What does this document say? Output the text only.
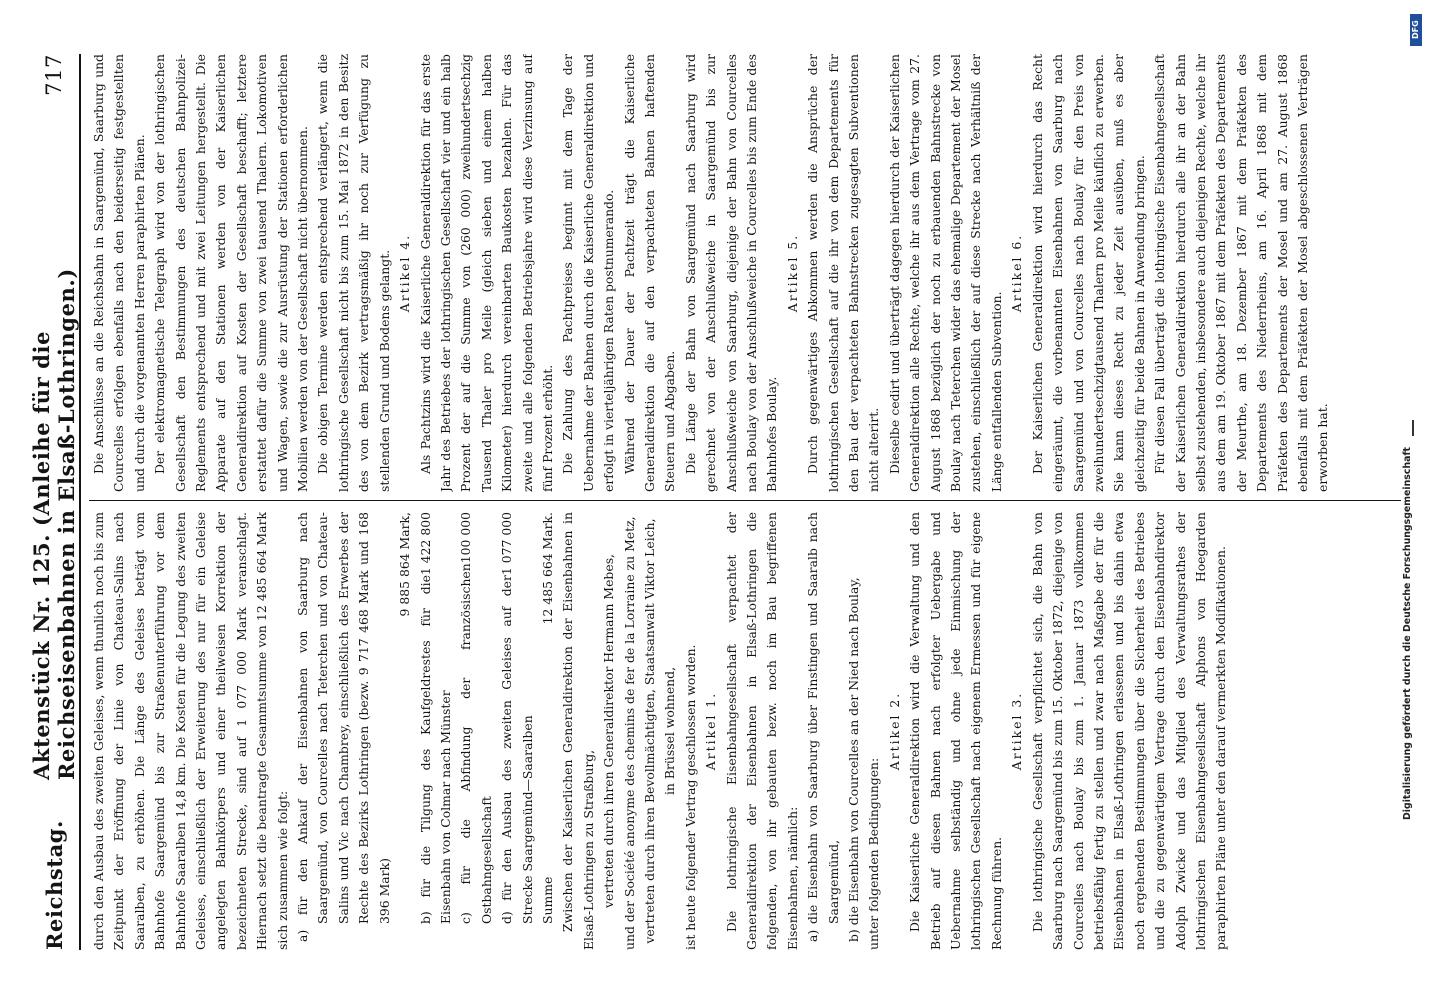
Reichstag.
Aktenstück Nr. 125. (Anleihe für die Reichseisenbahnen in Elsaß-Lothringen.)
717

durch den Ausbau des zweiten Geleises, wenn thunlich noch bis zum Zeitpunkt der Eröffnung der Linie von Chateau-Salins nach Saaralben, zu erhöhen. Die Länge des Geleises beträgt vom Bahnhofe Saargemünd bis zur Straßenunterführung vor dem Bahnhofe Saaralben 14,8 km. Die Kosten für die Legung des zweiten Geleises, einschließlich der Erweiterung des nur für ein Geleise angelegten Bahnkörpers und einer theilweisen Korrektion der bezeichneten Strecke, sind auf 1 077 000 Mark veranschlagt. Hiernach setzt die beantragte Gesammtsumme von 12 485 664 Mark sich zusammen wie folgt: a) für den Ankauf der Eisenbahnen von Saarburg nach Saargemünd, von Courcelles nach Teterchen und von Chateau-Salins und Vic nach Chambrey, einschließlich des Erwerbes der Rechte des Bezirks Lothringen (bezw. 9 717 468 Mark und 168 396 Mark)

9 885 864 Mark,
b) für die Tilgung des Kaufgeldrestes für die Eisenbahn von Colmar nach Münster
1 422 800
c) für die Abfindung der französischen Ostbahngesellschaft
100 000
d) für den Ausbau des zweiten Geleises auf der Strecke Saargemünd—Saaralben
1 077 000
Summe
12 485 664 Mark. Zwischen der Kaiserlichen Generaldirektion der Eisenbahnen in Elsaß-Lothringen zu Straßburg, vertreten durch ihren Generaldirektor Hermann Mebes, und der Société anonyme des chemins de fer de la Lorraine zu Metz, vertreten durch ihren Bevollmächtigten, Staatsanwalt Viktor Leich, in Brüssel wohnend, ist heute folgender Vertrag geschlossen worden. Artikel 1. Die lothringische Eisenbahngesellschaft verpachtet der Generaldirektion der Eisenbahnen in Elsaß-Lothringen die folgenden, von ihr gebauten bezw. noch im Bau begriffenen Eisenbahnen, nämlich: a) die Eisenbahn von Saarburg über Finstingen und Saaralb nach Saargemünd, b) die Eisenbahn von Courcelles an der Nied nach Boulay, unter folgenden Bedingungen:

Artikel 2. Die Kaiserliche Generaldirektion wird die Verwaltung und den Betrieb auf diesen Bahnen nach erfolgter Uebergabe und Uebernahme selbständig und ohne jede Einmischung der lothringischen Gesellschaft nach eigenem Ermessen und für eigene Rechnung führen.

Artikel 3. Die lothringische Gesellschaft verpflichtet sich, die Bahn von Saarburg nach Saargemünd bis zum 15. Oktober 1872, diejenige von Courcelles nach Boulay bis zum 1. Januar 1873 vollkommen betriebsfähig fertig zu stellen und zwar nach Maßgabe der für die Eisenbahnen in Elsaß-Lothringen erlassenen und bis dahin etwa noch ergehenden Bestimmungen über die Sicherheit des Betriebes und die zu gegenwärtigem Vertrage durch den Eisenbahndirektor Adolph Zwicke und das Mitglied des Verwaltungsrathes der lothringischen Eisenbahngesellschaft Alphons von Hoegarden paraphirten Pläne unter den darauf vermerkten Modifikationen.

Die Anschlüsse an die Reichsbahn in Saargemünd, Saarburg und Courcelles erfolgen ebenfalls nach den beiderseitig festgestellten und durch die vorgenannten Herren paraphirten Plänen. Der elektromagnetische Telegraph wird von der lothringischen Gesellschaft den Bestimmungen des deutschen Bahnpolizei-Reglements entsprechend und mit zwei Leitungen hergestellt. Die Apparate auf den Stationen werden von der Kaiserlichen Generaldirektion auf Kosten der Gesellschaft beschafft; letztere erstattet dafür die Summe von zwei tausend Thalern. Lokomotiven und Wagen, sowie die zur Ausrüstung der Stationen erforderlichen Mobilien werden von der Gesellschaft nicht übernommen. Die obigen Termine werden entsprechend verlängert, wenn die lothringische Gesellschaft nicht bis zum 15. Mai 1872 in den Besitz des von dem Bezirk vertragsmäßig ihr noch zur Verfügung zu stellenden Grund und Bodens gelangt. Artikel 4. Als Pachtzins wird die Kaiserliche Generaldirektion für das erste Jahr des Betriebes der lothringischen Gesellschaft vier und ein halb Prozent der auf die Summe von (260 000) zweihundertsechzig Tausend Thaler pro Meile (gleich sieben und einem halben Kilometer) hierdurch vereinbarten Baukosten bezahlen. Für das zweite und alle folgenden Betriebsjahre wird diese Verzinsung auf fünf Prozent erhöht. Die Zahlung des Pachtpreises beginnt mit dem Tage der Uebernahme der Bahnen durch die Kaiserliche Generaldirektion und erfolgt in vierteljährigen Raten postnumerando. Während der Dauer der Pachtzeit trägt die Kaiserliche Generaldirektion die auf den verpachteten Bahnen haftenden Steuern und Abgaben. Die Länge der Bahn von Saargemünd nach Saarburg wird gerechnet von der Anschlußweiche in Saargemünd bis zur Anschlußweiche von Saarburg, diejenige der Bahn von Courcelles nach Boulay von der Anschlußweiche in Courcelles bis zum Ende des Bahnhofes Boulay.

Artikel 5. Durch gegenwärtiges Abkommen werden die Ansprüche der lothringischen Gesellschaft auf die ihr von dem Departements für den Bau der verpachteten Bahnstrecken zugesagten Subventionen nicht alterirt. Dieselbe cedirt und überträgt dagegen hierdurch der Kaiserlichen Generaldirektion alle Rechte, welche ihr aus dem Vertrage vom 27. August 1868 bezüglich der noch zu erbauenden Bahnstrecke von Boulay nach Teterchen wider das ehemalige Departement der Mosel zustehen, einschließlich der auf diese Strecke nach Verhältniß der Länge entfallenden Subvention.

Artikel 6. Der Kaiserlichen Generaldirektion wird hierdurch das Recht eingeräumt, die vorbenannten Eisenbahnen von Saarburg nach Saargemünd und von Courcelles nach Boulay für den Preis von zweihundertsechzigtausend Thalern pro Meile käuflich zu erwerben. Sie kann dieses Recht zu jeder Zeit ausüben, muß es aber gleichzeitig für beide Bahnen in Anwendung bringen. Für diesen Fall überträgt die lothringische Eisenbahngesellschaft der Kaiserlichen Generaldirektion hierdurch alle ihr an der Bahn selbst zustehenden, insbesondere auch diejenigen Rechte, welche ihr aus dem am 19. Oktober 1867 mit dem Präfekten des Departements der Meurthe, am 18. Dezember 1867 mit dem Präfekten des Departements des Niederrheins, am 16. April 1868 mit dem Präfekten des Departements der Mosel und am 27. August 1868 ebenfalls mit dem Präfekten der Mosel abgeschlossenen Verträgen erworben hat.

DFG
Digitalisierung gefördert durch die Deutsche Forschungsgemeinschaft
